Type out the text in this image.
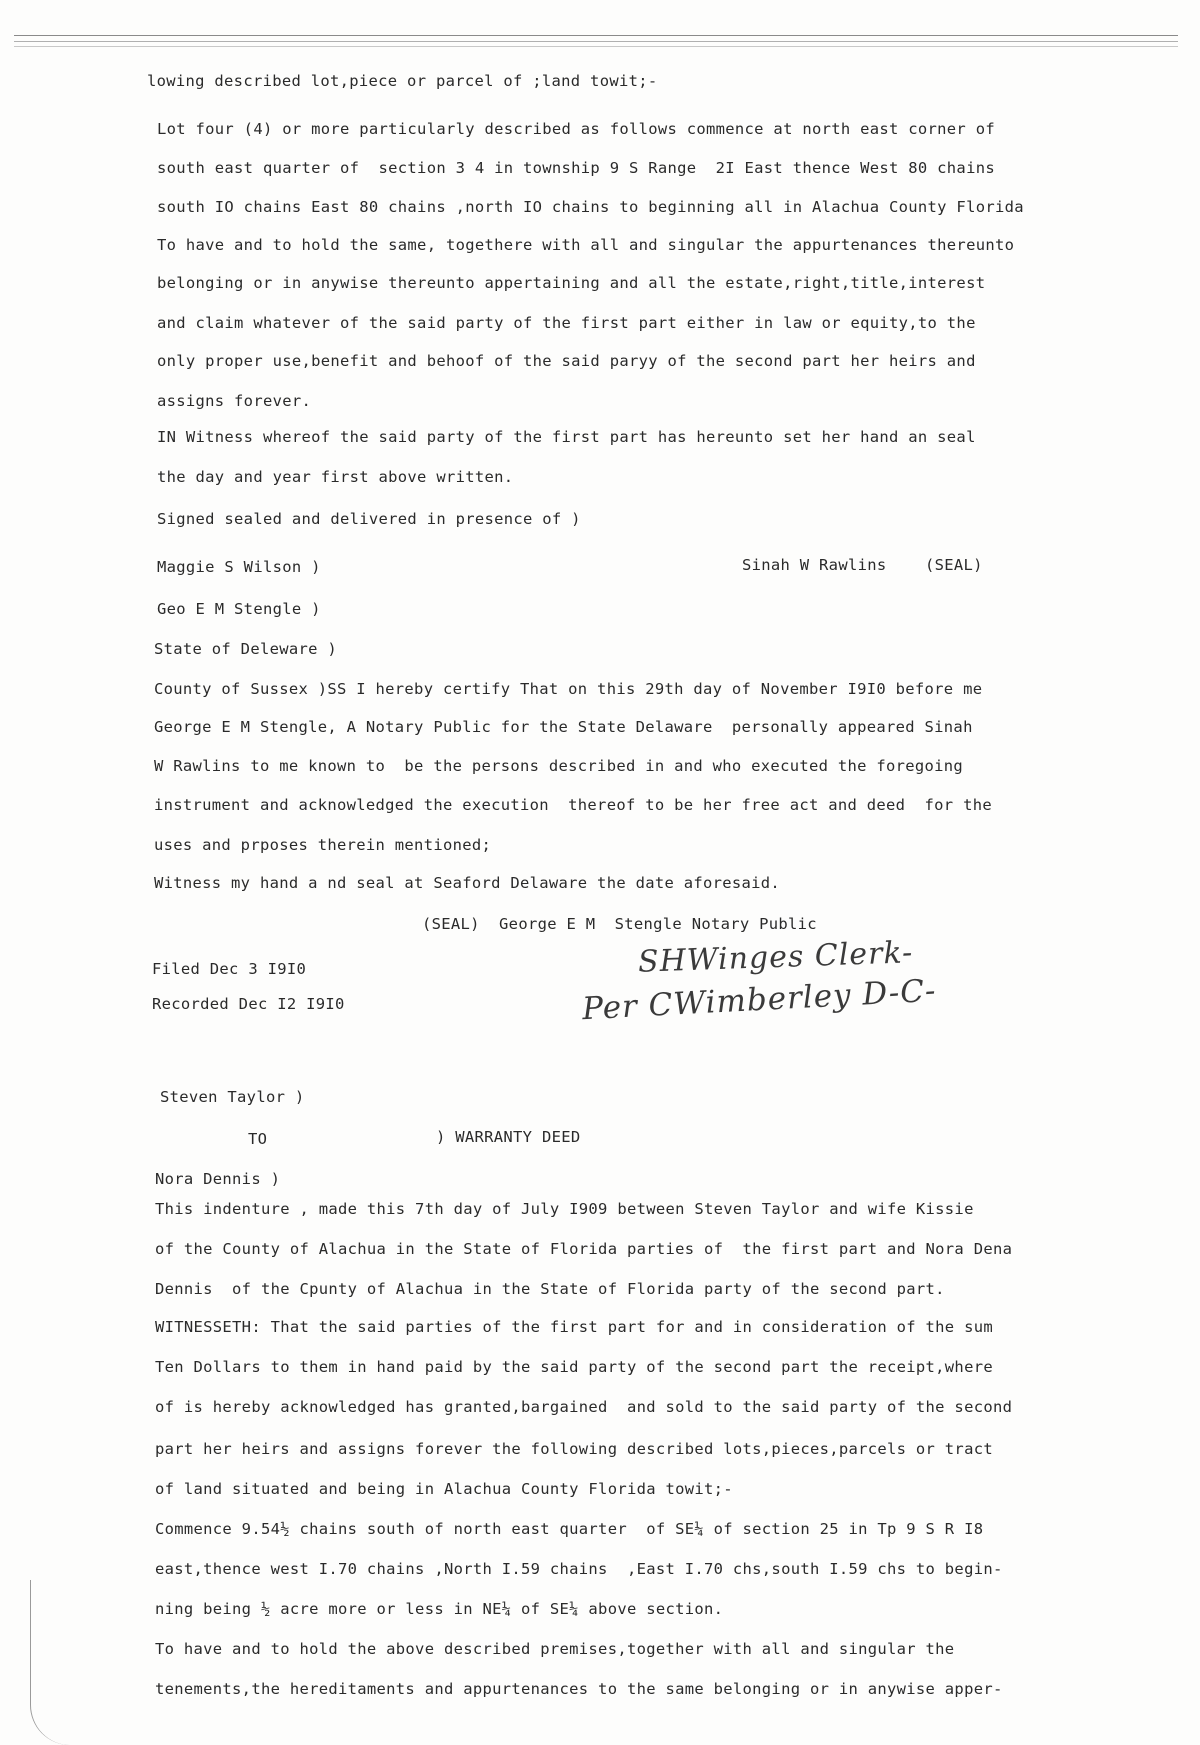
lowing described lot,piece or parcel of ;land towit;-
Lot four (4) or more particularly described as follows commence at north east corner of
south east quarter of  section 3 4 in township 9 S Range  2I East thence West 80 chains
south IO chains East 80 chains ,north IO chains to beginning all in Alachua County Florida
To have and to hold the same, togethere with all and singular the appurtenances thereunto
belonging or in anywise thereunto appertaining and all the estate,right,title,interest
and claim whatever of the said party of the first part either in law or equity,to the
only proper use,benefit and behoof of the said paryy of the second part her heirs and
assigns forever.
IN Witness whereof the said party of the first part has hereunto set her hand an seal
the day and year first above written.
Signed sealed and delivered in presence of )
Maggie S Wilson )	Sinah W Rawlins    (SEAL)
Geo E M Stengle )
State of Deleware )
County of Sussex )SS I hereby certify That on this 29th day of November I9I0 before me
George E M Stengle, A Notary Public for the State Delaware  personally appeared Sinah
W Rawlins to me known to  be the persons described in and who executed the foregoing
instrument and acknowledged the execution  thereof to be her free act and deed  for the
uses and prposes therein mentioned;
Witness my hand a nd seal at Seaford Delaware the date aforesaid.
(SEAL)  George E M  Stengle Notary Public
Filed Dec 3 I9I0
Recorded Dec I2 I9I0
SHWinges Clerk-
Per CWimberley D-C-
Steven Taylor )
TO	) WARRANTY DEED
Nora Dennis )
This indenture , made this 7th day of July I909 between Steven Taylor and wife Kissie
of the County of Alachua in the State of Florida parties of  the first part and Nora Dena
Dennis  of the Cpunty of Alachua in the State of Florida party of the second part.
WITNESSETH: That the said parties of the first part for and in consideration of the sum
Ten Dollars to them in hand paid by the said party of the second part the receipt,where
of is hereby acknowledged has granted,bargained  and sold to the said party of the second
part her heirs and assigns forever the following described lots,pieces,parcels or tract
of land situated and being in Alachua County Florida towit;-
Commence 9.54½ chains south of north east quarter  of SE¼ of section 25 in Tp 9 S R I8
east,thence west I.70 chains ,North I.59 chains  ,East I.70 chs,south I.59 chs to begin-
ning being ½ acre more or less in NE¼ of SE¼ above section.
To have and to hold the above described premises,together with all and singular the
tenements,the hereditaments and appurtenances to the same belonging or in anywise apper-
